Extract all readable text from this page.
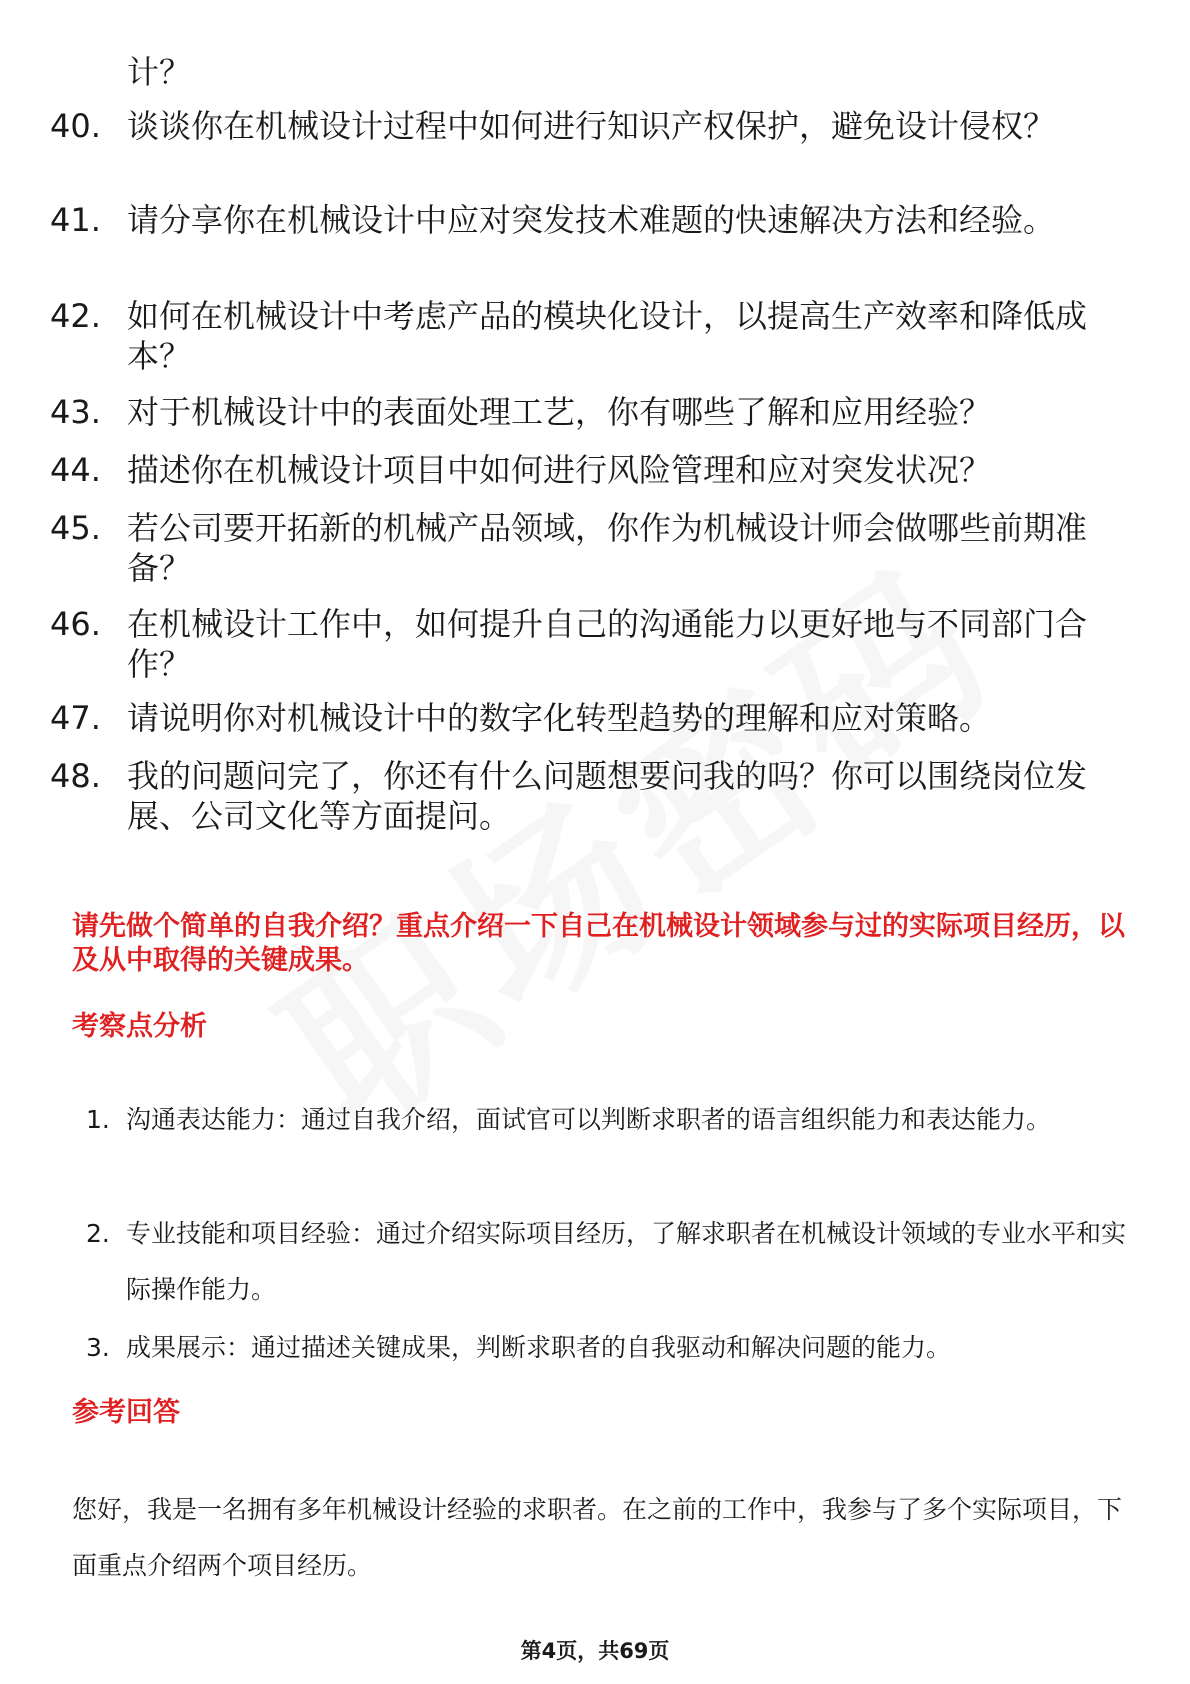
计？
40. 谈谈你在机械设计过程中如何进行知识产权保护，避免设计侵权？
41. 请分享你在机械设计中应对突发技术难题的快速解决方法和经验。
42. 如何在机械设计中考虑产品的模块化设计，以提高生产效率和降低成本？
43. 对于机械设计中的表面处理工艺，你有哪些了解和应用经验？
44. 描述你在机械设计项目中如何进行风险管理和应对突发状况？
45. 若公司要开拓新的机械产品领域，你作为机械设计师会做哪些前期准备？
46. 在机械设计工作中，如何提升自己的沟通能力以更好地与不同部门合作？
47. 请说明你对机械设计中的数字化转型趋势的理解和应对策略。
48. 我的问题问完了，你还有什么问题想要问我的吗？你可以围绕岗位发展、公司文化等方面提问。
请先做个简单的自我介绍？重点介绍一下自己在机械设计领域参与过的实际项目经历，以及从中取得的关键成果。
考察点分析
1. 沟通表达能力：通过自我介绍，面试官可以判断求职者的语言组织能力和表达能力。
2. 专业技能和项目经验：通过介绍实际项目经历，了解求职者在机械设计领域的专业水平和实际操作能力。
3. 成果展示：通过描述关键成果，判断求职者的自我驱动和解决问题的能力。
参考回答
您好，我是一名拥有多年机械设计经验的求职者。在之前的工作中，我参与了多个实际项目，下面重点介绍两个项目经历。
第4页，共69页
